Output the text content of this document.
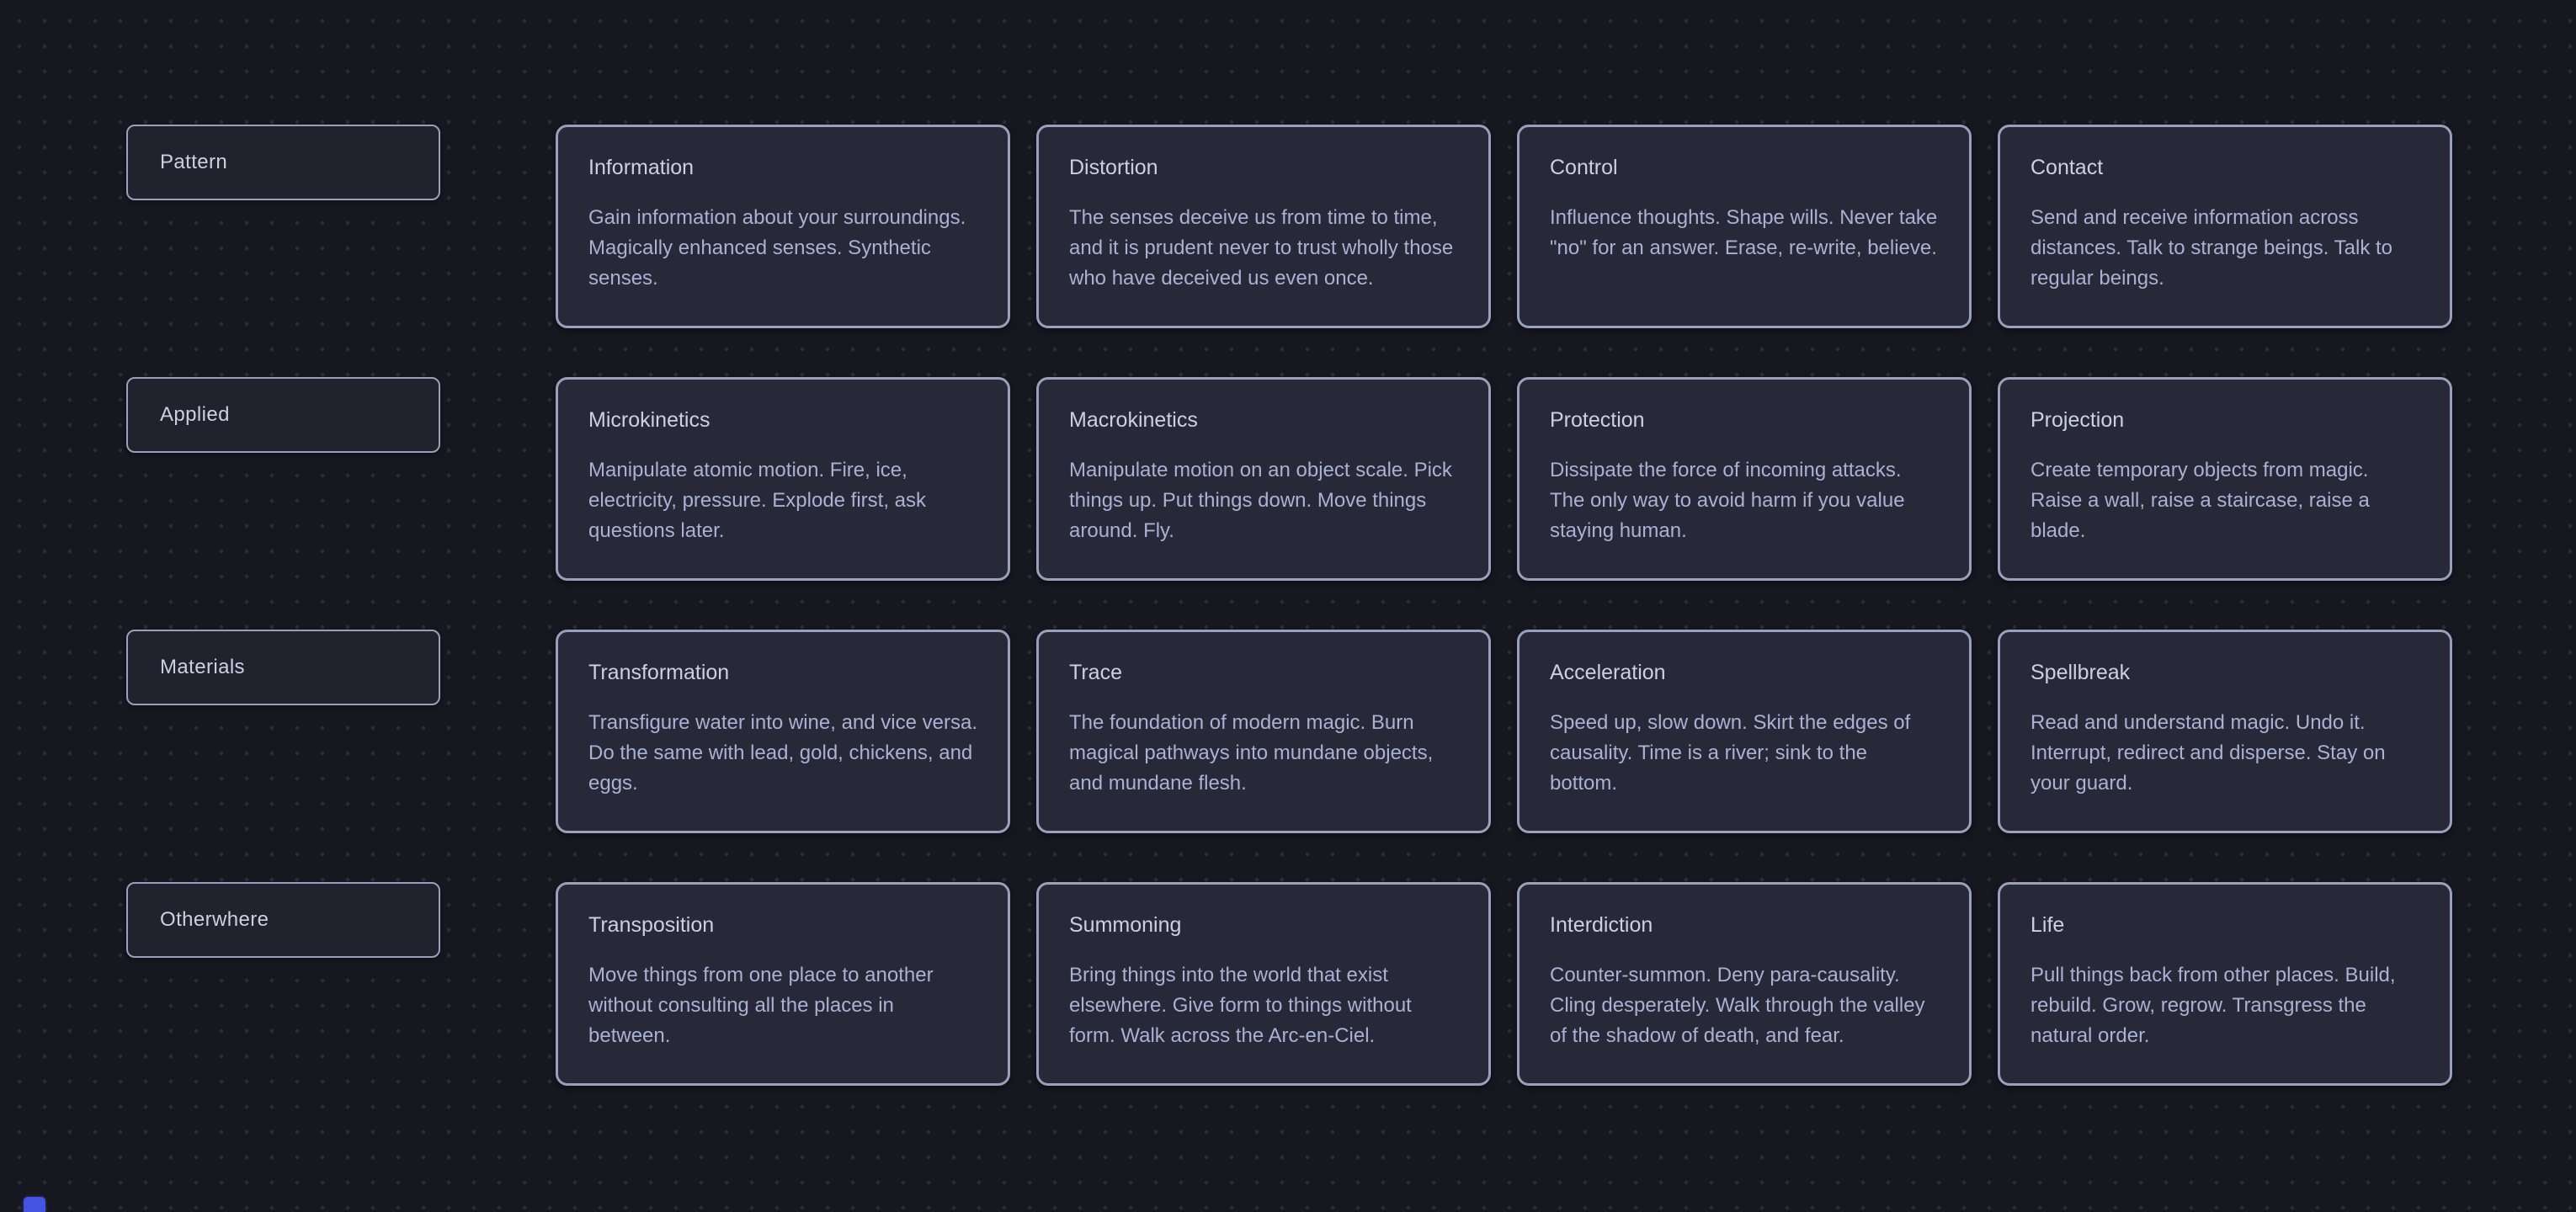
Pattern	Information
Gain information about your surroundings. Magically enhanced senses. Synthetic senses.
Distortion
The senses deceive us from time to time, and it is prudent never to trust wholly those who have deceived us even once.
Control
Influence thoughts. Shape wills. Never take "no" for an answer. Erase, re-write, believe.
Contact
Send and receive information across distances. Talk to strange beings. Talk to regular beings.
Applied	Microkinetics
Manipulate atomic motion. Fire, ice, electricity, pressure. Explode first, ask questions later.
Macrokinetics
Manipulate motion on an object scale. Pick things up. Put things down. Move things around. Fly.
Protection
Dissipate the force of incoming attacks. The only way to avoid harm if you value staying human.
Projection
Create temporary objects from magic. Raise a wall, raise a staircase, raise a blade.
Materials	Transformation
Transfigure water into wine, and vice versa. Do the same with lead, gold, chickens, and eggs.
Trace
The foundation of modern magic. Burn magical pathways into mundane objects, and mundane flesh.
Acceleration
Speed up, slow down. Skirt the edges of causality. Time is a river; sink to the bottom.
Spellbreak
Read and understand magic. Undo it. Interrupt, redirect and disperse. Stay on your guard.
Otherwhere	Transposition
Move things from one place to another without consulting all the places in between.
Summoning
Bring things into the world that exist elsewhere. Give form to things without form. Walk across the Arc-en-Ciel.
Interdiction
Counter-summon. Deny para-causality. Cling desperately. Walk through the valley of the shadow of death, and fear.
Life
Pull things back from other places. Build, rebuild. Grow, regrow. Transgress the natural order.
